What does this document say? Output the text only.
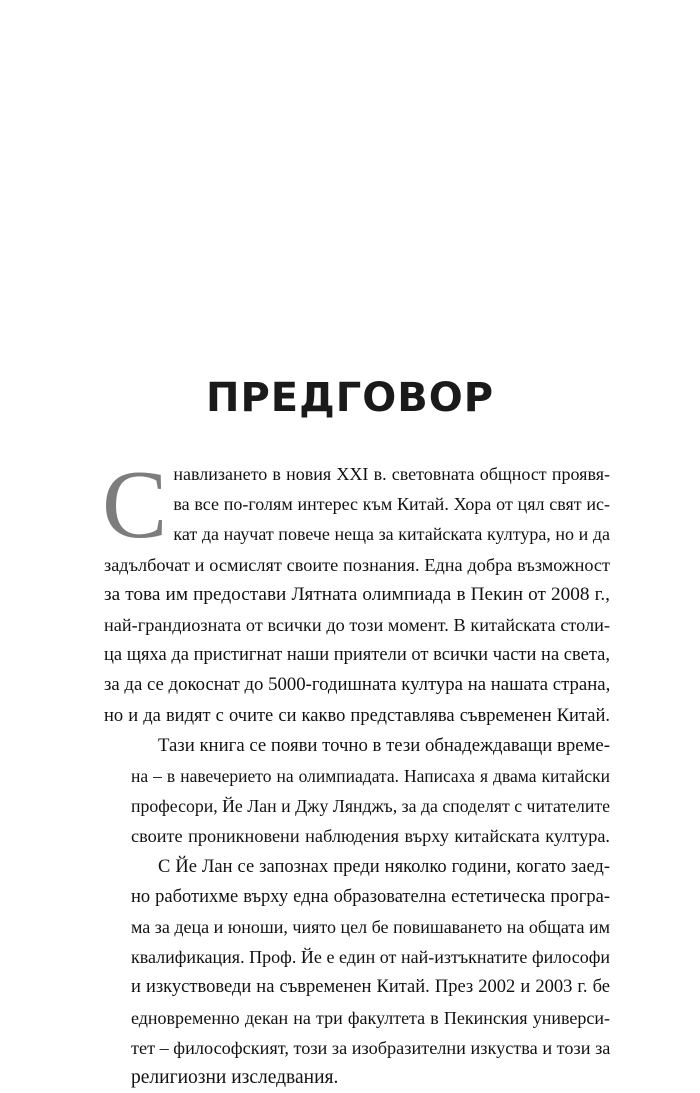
ПРЕДГОВОР
С навлизането в новия XXI в. световната общност проявя-
ва все по-голям интерес към Китай. Хора от цял свят ис-
кат да научат повече неща за китайската култура, но и да
задълбочат и осмислят своите познания. Една добра възможност
за това им предостави Лятната олимпиада в Пекин от 2008 г.,
най-грандиозната от всички до този момент. В китайската столи-
ца щяха да пристигнат наши приятели от всички части на света,
за да се докоснат до 5000-годишната култура на нашата страна,
но и да видят с очите си какво представлява съвременен Китай.
Тази книга се появи точно в тези обнадеждаващи време-
на – в навечерието на олимпиадата. Написаха я двама китайски
професори, Йе Лан и Джу Лянджъ, за да споделят с читателите
своите проникновени наблюдения върху китайската култура.
С Йе Лан се запознах преди няколко години, когато заед-
но работихме върху една образователна естетическа програ-
ма за деца и юноши, чиято цел бе повишаването на общата им
квалификация. Проф. Йе е един от най-изтъкнатите философи
и изкуствоведи на съвременен Китай. През 2002 и 2003 г. бе
едновременно декан на три факултета в Пекинския универси-
тет – философският, този за изобразителни изкуства и този за
религиозни изследвания.
